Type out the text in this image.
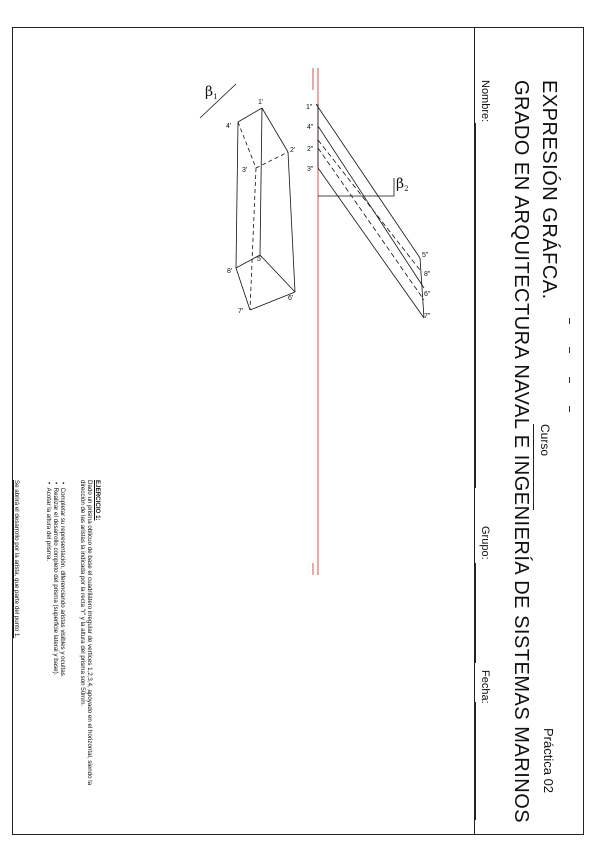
EXPRESIÓN GRÁFCA.
GRADO EN ARQUITECTURA NAVAL E INGENIERÍA DE SISTEMAS MARINOS Práctica 02
Curso
Nombre:
Grupo:
Fecha:
EJERCICIO 1:
Dado un prisma oblicuo de base el cuadrilátero irregular de vertices 1,2,3,4, apoyado en el horizontal, siendo la dirección de las aristas la indicada por la recta "r" y la altura del prisma son 50mm.
•  Completar su representación, diferenciando aristas visibles y ocultas.
•  Realizar el desarrollo completo del prisma (superficie lateral y base).
•  Acotar la altura del prisma.
Se abrirá el desarrollo por la arista, que parte del punto 1.
$\beta_1$
$\beta_2$
1'
2'
3'
4'
5'
6'
7'
8'
1"
2"
3"
4"
5"
6"
7"
8"
